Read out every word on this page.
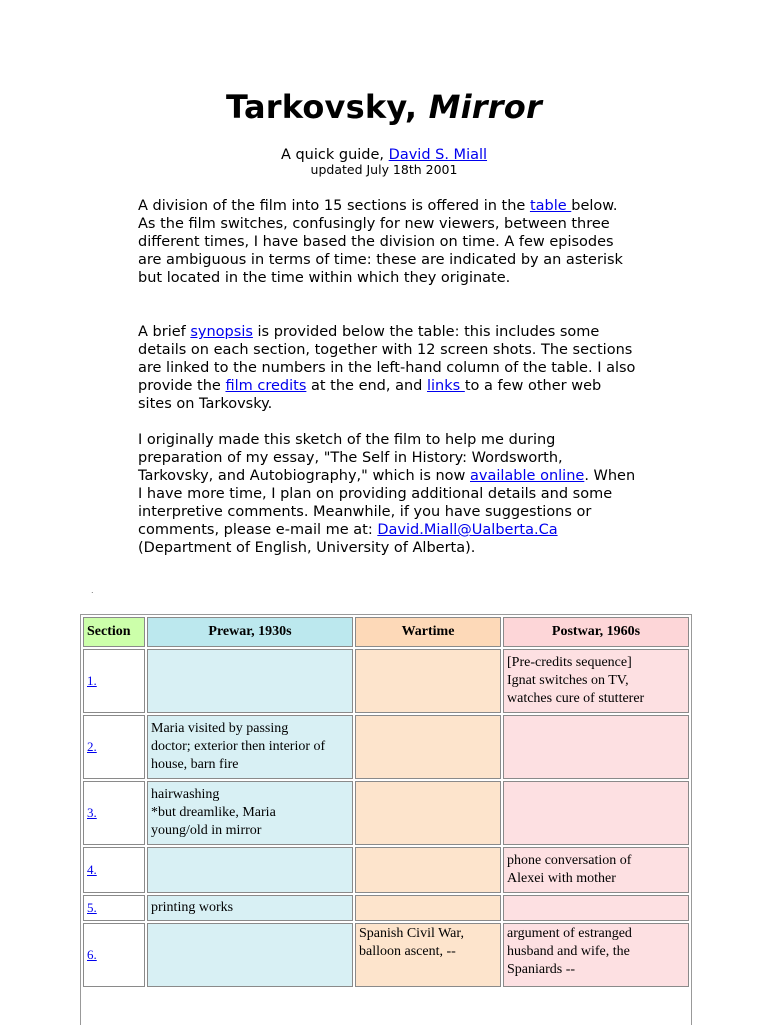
Tarkovsky, Mirror
A quick guide, David S. Miall
updated July 18th 2001

A division of the film into 15 sections is offered in the table below. As the film switches, confusingly for new viewers, between three different times, I have based the division on time. A few episodes are ambiguous in terms of time: these are indicated by an asterisk but located in the time within which they originate.

A brief synopsis is provided below the table: this includes some details on each section, together with 12 screen shots. The sections are linked to the numbers in the left-hand column of the table. I also provide the film credits at the end, and links to a few other web sites on Tarkovsky.

I originally made this sketch of the film to help me during preparation of my essay, "The Self in History: Wordsworth, Tarkovsky, and Autobiography," which is now available online. When I have more time, I plan on providing additional details and some interpretive comments. Meanwhile, if you have suggestions or comments, please e-mail me at: David.Miall@Ualberta.Ca (Department of English, University of Alberta).

.
Section	Prewar, 1930s	Wartime	Postwar, 1960s
1.			[Pre-credits sequence]
Ignat switches on TV,
watches cure of stutterer
2.	Maria visited by passing
doctor; exterior then interior of
house, barn fire		
3.	hairwashing
*but dreamlike, Maria
young/old in mirror		
4.			phone conversation of
Alexei with mother
5.	printing works		
6.		Spanish Civil War,
balloon ascent, --	argument of estranged
husband and wife, the
Spaniards --
